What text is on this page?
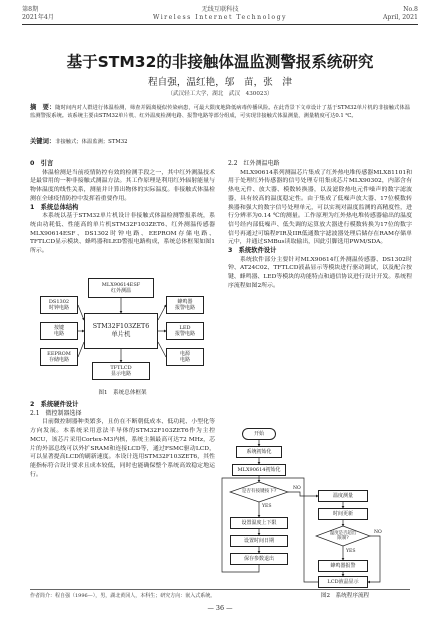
第8期
2021年4月
无线互联科技
Wireless Internet Technology
No.8
April, 2021
基于STM32的非接触体温监测警报系统研究
程自强，温红艳，邬　苗，张　津
（武汉轻工大学，湖北　武汉　430023）
摘　要：随时间内对人群进行体温检测，筛查并隔离疑似传染病患，可最大限度地降低病毒传播风险。在此背景下文章设计了基于STM32单片机的非接触式体温监测警报系统。该系统主要由STM32单片机、红外温度检测电路、报警电路等部分组成，可实现非接触式体温测量，测量精度可达0.1 ℃。
关键词：非接触式；体温监测；STM32
0　引言
体温检测是当前疫情防控有效的检测手段之一，其中红外测温技术是最常用的一种非接触式测温方法。其工作原理是利用红外辐射能量与物体温度的线性关系，测量并计算出物体的实际温度。非接触式体温检测在全球疫情防控中发挥着重要作用。
1　系统总体结构
本系统以基于STM32单片机设计非接触式体温检测警报系统，系统由功耗低、性能高的单片机STM32F103ZET6、红外测温传感器MLX90614ESF、DS1302时钟电路、EEPROM存储电路、TFTLCD显示模块、蜂鸣器和LED警报电路构成，系统总体框架如图1所示。
MLX90614ESF
红外测温
STM32F103ZET6
单片机
DS1302
时钟电路
按键
电路
EEPROM
存储电路
蜂鸣器
报警电路
LED
报警电路
电源
电路
TFTLCD
显示电路
图1　系统总体框架
2　系统硬件设计
2.1　微控制器选择
目前微控制器种类繁多，且仿在不断朝低成本、低功耗、小型化等方向发展。本系统采用意法半导体的STM32F103ZET6作为主控MCU，该芯片采用Cortex-M3内核，系统主频最高可达72 MHz，芯片的外部总线可以外扩SRAM和连接LCD等，通过FSMC驱动LCD，可以显著提高LCD的刷新速度。本设计选用STM32F103ZET6，其性能指标符合设计要求且成本较低，同时也能确保整个系统高效稳定地运行。
2.2　红外测温电路
MLX90614系列测温芯片集成了红外热电堆传感器MLX81101和用于处理红外传感器的信号处理专用集成芯片MLX90302，内部含有热电元件、放大器、模数转换器，以及滤除热电元件噪声的数字滤波器，具有较高的温度稳定性。由于集成了低噪声放大器、17位模数转换器和强大的数字信号处理单元，可以实现对温度监测的高精度性，进行分辨率为0.14 ℃的测量。工作原理为红外热电堆传感器输出的温度信号经内部低噪声、低失调的运算放大器进行模数转换为17位的数字信号再通过可编程FIR及IIR低通数字滤波器处理后储存在RAM存储单元中，并通过SMBus读取输出，因此引脚选用PWM/SDA。
3　系统软件设计
系统软件部分主要针对MLX90614红外测温传感器、DS1302时钟、AT24C02、TFTLCD液晶显示等模块进行驱动调试，以及配合按键、蜂鸣器、LED等模块的功能特点和通信协议进行设计开发。系统程序流程如图2所示。
开始
系统初始化
MLX90614初始化
是否有按键按下?
设置温度上下限
设置时间日期
保存参数退出
温度测量
时间更新
温度是否超出
限制?
蜂鸣器报警
LCD液晶显示
YES
NO
YES
NO
图2　系统程序流程
作者简介：程自强（1996—），男，湖北黄冈人，本科生；研究方向：嵌入式系统。
— 36 —
